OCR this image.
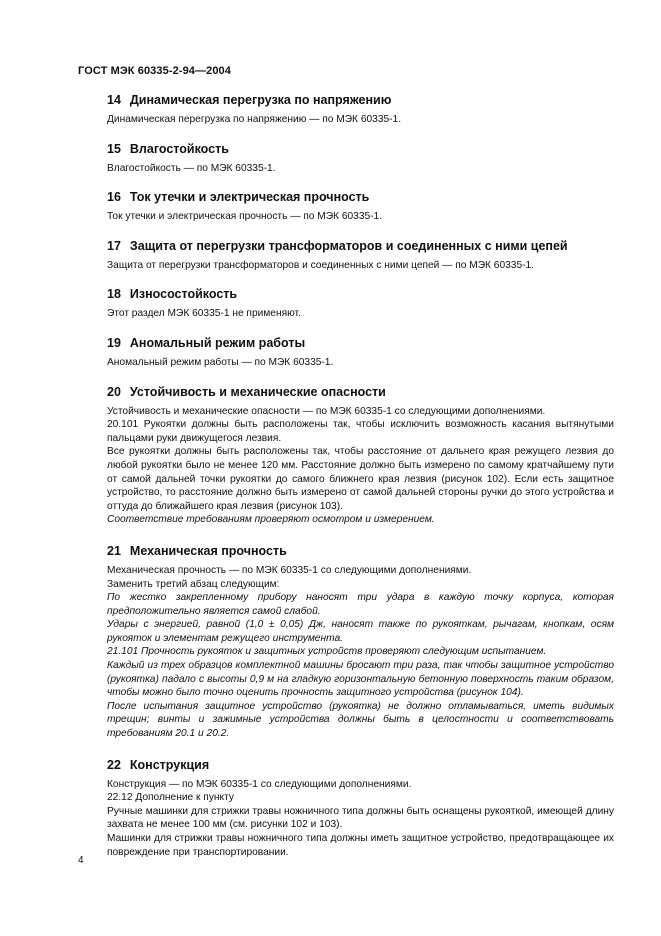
ГОСТ МЭК 60335-2-94—2004
14 Динамическая перегрузка по напряжению

Динамическая перегрузка по напряжению — по МЭК 60335-1.

15 Влагостойкость

Влагостойкость — по МЭК 60335-1.

16 Ток утечки и электрическая прочность

Ток утечки и электрическая прочность — по МЭК 60335-1.

17 Защита от перегрузки трансформаторов и соединенных с ними цепей

Защита от перегрузки трансформаторов и соединенных с ними цепей — по МЭК 60335-1.

18 Износостойкость

Этот раздел МЭК 60335-1 не применяют.

19 Аномальный режим работы

Аномальный режим работы — по МЭК 60335-1.

20 Устойчивость и механические опасности

Устойчивость и механические опасности — по МЭК 60335-1 со следующими дополнениями.

20.101 Рукоятки должны быть расположены так, чтобы исключить возможность касания вытянутыми пальцами руки движущегося лезвия.

Все рукоятки должны быть расположены так, чтобы расстояние от дальнего края режущего лезвия до любой рукоятки было не менее 120 мм. Расстояние должно быть измерено по самому кратчайшему пути от самой дальней точки рукоятки до самого ближнего края лезвия (рисунок 102). Если есть защитное устройство, то расстояние должно быть измерено от самой дальней стороны ручки до этого устройства и оттуда до ближайшего края лезвия (рисунок 103).

Соответствие требованиям проверяют осмотром и измерением.

21 Механическая прочность

Механическая прочность — по МЭК 60335-1 со следующими дополнениями.

Заменить третий абзац следующим:

По жестко закрепленному прибору наносят три удара в каждую точку корпуса, которая предположительно является самой слабой.

Удары с энергией, равной (1,0 ± 0,05) Дж, наносят также по рукояткам, рычагам, кнопкам, осям рукояток и элементам режущего инструмента.

21.101 Прочность рукояток и защитных устройств проверяют следующим испытанием.

Каждый из трех образцов комплектной машины бросают три раза, так чтобы защитное устройство (рукоятка) падало с высоты 0,9 м на гладкую горизонтальную бетонную поверхность таким образом, чтобы можно было точно оценить прочность защитного устройства (рисунок 104).

После испытания защитное устройство (рукоятка) не должно отламываться, иметь видимых трещин; винты и зажимные устройства должны быть в целостности и соответствовать требованиям 20.1 и 20.2.

22 Конструкция

Конструкция — по МЭК 60335-1 со следующими дополнениями.

22.12 Дополнение к пункту

Ручные машинки для стрижки травы ножничного типа должны быть оснащены рукояткой, имеющей длину захвата не менее 100 мм (см. рисунки 102 и 103).

Машинки для стрижки травы ножничного типа должны иметь защитное устройство, предотвращающее их повреждение при транспортировании.

4
